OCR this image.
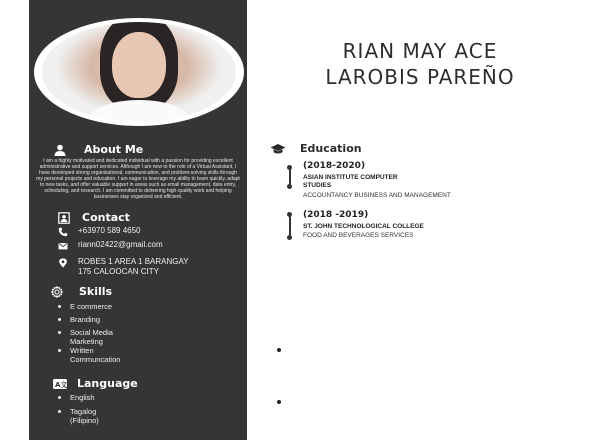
About Me

I am a highly motivated and dedicated individual with a passion for providing excellent administrative and support services. Although I am new to the role of a Virtual Assistant, I have developed strong organizational, communication, and problem-solving skills through my personal projects and education. I am eager to leverage my ability to learn quickly, adapt to new tasks, and offer valuable support in areas such as email management, data entry, scheduling, and research. I am committed to delivering high-quality work and helping businesses stay organized and efficient.

Contact
+63970 589 4650
riann02422@gmail.com
ROBES 1 AREA 1 BARANGAY
175 CALOOCAN CITY
Skills
E commerce
Branding
Social Media
Marketing
Written
Communcation
A文 Language
English
Tagalog
(Filipino)
RIAN MAY ACE
LAROBIS PAREÑO
Education
(2018-2020)
ASIAN INSTITUTE COMPUTER
STUDIES
ACCOUNTANCY BUSINESS AND MANAGEMENT
(2018 -2019)
ST. JOHN TECHNOLOGICAL COLLEGE
FOOD AND BEVERAGES SERVICES
